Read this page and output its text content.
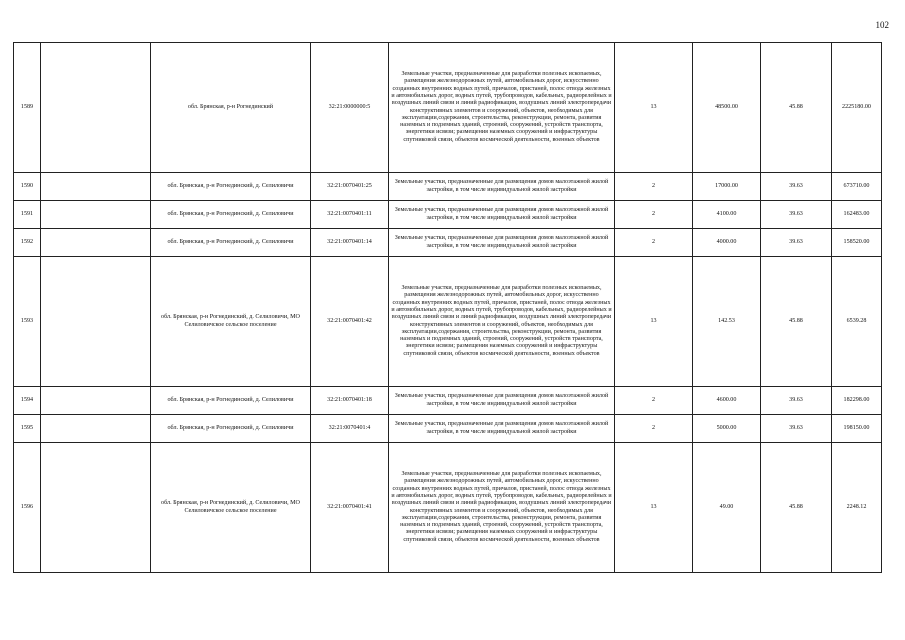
102
1589		обл. Брянская, р-н Рогнединский	32:21:0000000:5	Земельные участки, предназначенные для разработки полезных ископаемых, размещения железнодорожных путей, автомобильных дорог, искусственно созданных внутренних водных путей, причалов, пристаней, полос отвода железных и автомобильных дорог, водных путей, трубопроводов, кабельных, радиорелейных и воздушных линий связи и линий радиофикации, воздушных линий электропередачи конструктивных элементов и сооружений, объектов, необходимых для эксплуатации,содержания, строительства, реконструкции, ремонта, развития наземных и подземных зданий, строений, сооружений, устройств транспорта, энергетики исвязи; размещения наземных сооружений и инфраструктуры спутниковой связи, объектов космической деятельности, военных объектов	13	48500.00	45.88	2225180.00
1590		обл. Брянская, р-н Рогнединский, д. Селиловичи	32:21:0070401:25	Земельные участки, предназначенные для размещения домов малоэтажной жилой застройки, в том числе индивидуальной жилой застройки	2	17000.00	39.63	673710.00
1591		обл. Брянская, р-н Рогнединский, д. Селиловичи	32:21:0070401:11	Земельные участки, предназначенные для размещения домов малоэтажной жилой застройки, в том числе индивидуальной жилой застройки	2	4100.00	39.63	162483.00
1592		обл. Брянская, р-н Рогнединский, д. Селиловичи	32:21:0070401:14	Земельные участки, предназначенные для размещения домов малоэтажной жилой застройки, в том числе индивидуальной жилой застройки	2	4000.00	39.63	158520.00
1593		обл. Брянская, р-н Рогнединский, д. Селиловичи, МО Селиловичское сельское поселение	32:21:0070401:42	Земельные участки, предназначенные для разработки полезных ископаемых, размещения железнодорожных путей, автомобильных дорог, искусственно созданных внутренних водных путей, причалов, пристаней, полос отвода железных и автомобильных дорог, водных путей, трубопроводов, кабельных, радиорелейных и воздушных линий связи и линий радиофикации, воздушных линий электропередачи конструктивных элементов и сооружений, объектов, необходимых для эксплуатации,содержания, строительства, реконструкции, ремонта, развития наземных и подземных зданий, строений, сооружений, устройств транспорта, энергетики исвязи; размещения наземных сооружений и инфраструктуры спутниковой связи, объектов космической деятельности, военных объектов	13	142.53	45.88	6539.28
1594		обл. Брянская, р-н Рогнединский, д. Селиловичи	32:21:0070401:18	Земельные участки, предназначенные для размещения домов малоэтажной жилой застройки, в том числе индивидуальной жилой застройки	2	4600.00	39.63	182298.00
1595		обл. Брянская, р-н Рогнединский, д. Селиловичи	32:21:0070401:4	Земельные участки, предназначенные для размещения домов малоэтажной жилой застройки, в том числе индивидуальной жилой застройки	2	5000.00	39.63	198150.00
1596		обл. Брянская, р-н Рогнединский, д. Селиловичи, МО Селиловичское сельское поселение	32:21:0070401:41	Земельные участки, предназначенные для разработки полезных ископаемых, размещения железнодорожных путей, автомобильных дорог, искусственно созданных внутренних водных путей, причалов, пристаней, полос отвода железных и автомобильных дорог, водных путей, трубопроводов, кабельных, радиорелейных и воздушных линий связи и линий радиофикации, воздушных линий электропередачи конструктивных элементов и сооружений, объектов, необходимых для эксплуатации,содержания, строительства, реконструкции, ремонта, развития наземных и подземных зданий, строений, сооружений, устройств транспорта, энергетики исвязи; размещения наземных сооружений и инфраструктуры спутниковой связи, объектов космической деятельности, военных объектов	13	49.00	45.88	2248.12
